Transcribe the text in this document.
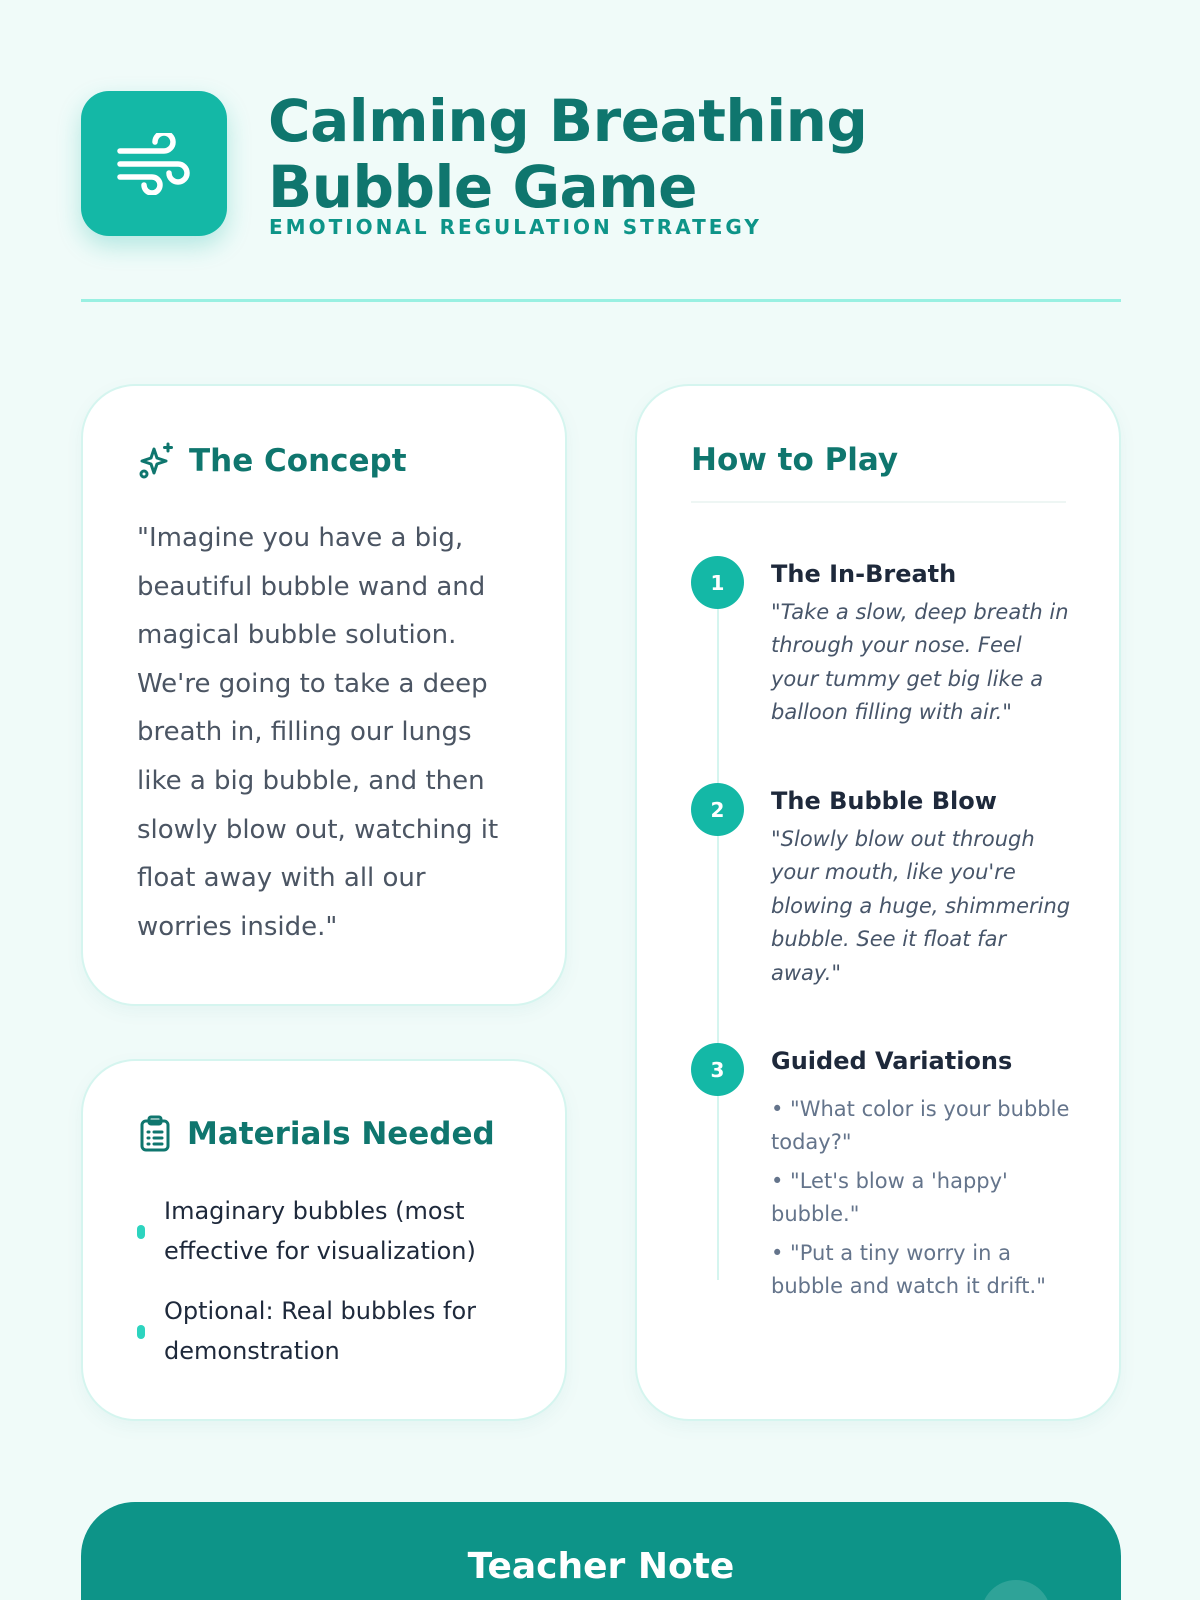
Calming Breathing Bubble Game
EMOTIONAL REGULATION STRATEGY
The Concept

"Imagine you have a big, beautiful bubble wand and magical bubble solution. We're going to take a deep breath in, filling our lungs like a big bubble, and then slowly blow out, watching it float away with all our worries inside."

Materials Needed
Imaginary bubbles (most effective for visualization)
Optional: Real bubbles for demonstration
How to Play
1	The In-Breath
"Take a slow, deep breath in through your nose. Feel your tummy get big like a balloon filling with air."
2	The Bubble Blow
"Slowly blow out through your mouth, like you're blowing a huge, shimmering bubble. See it float far away."
3	Guided Variations
• "What color is your bubble today?"
• "Let's blow a 'happy' bubble."
• "Put a tiny worry in a bubble and watch it drift."
Teacher Note
